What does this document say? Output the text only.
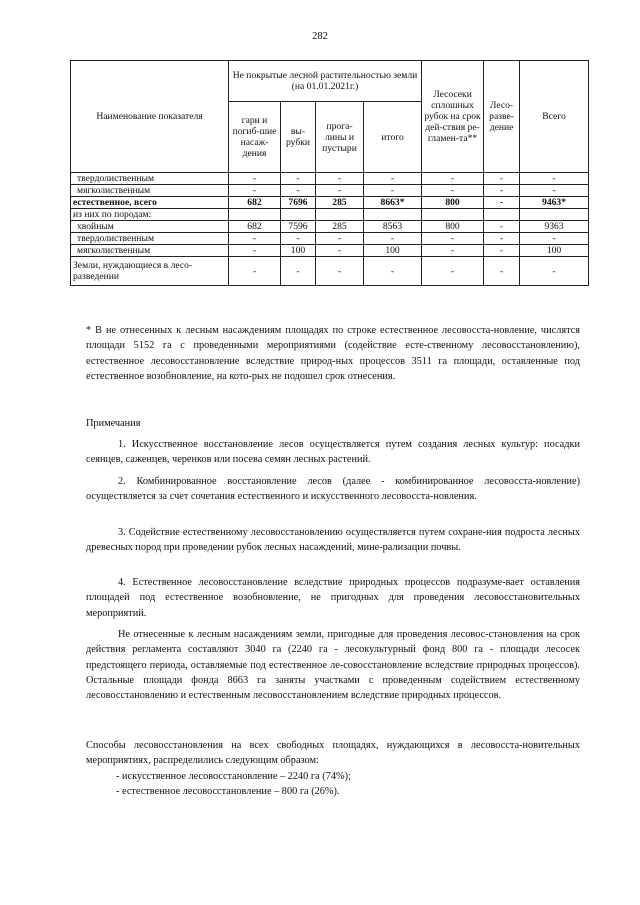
282
Наименование показателя	Не покрытые лесной растительностью земли (на 01.01.2021г.)				Лесосеки сплошных рубок на срок дей-ствия ре-гламен-та**	Лесо-разве-дение	Всего
	гари и погиб-шие насаж-дения	вы-рубки	прога-лины и пустыри	итого			
твердолиственным	-	-	-	-	-	-	-
мягколиственным	-	-	-	-	-	-	-
естественное, всего	682	7696	285	8663*	800	-	9463*
из них по породам:							
хвойным	682	7596	285	8563	800	-	9363
твердолиственным	-	-	-	-	-	-	-
мягколиственным	-	100	-	100	-	-	100
Земли, нуждающиеся в лесо-разведении	-	-	-	-	-	-	-

* В не отнесенных к лесным насаждениям площадях по строке естественное лесовосста-новление, числятся площади 5152 га с проведенными мероприятиями (содействие есте-ственному лесовосстановлению), естественное лесовосстановление вследствие природ-ных процессов 3511 га площади, оставленные под естественное возобновление, на кото-рых не подошел срок отнесения.

Примечания

1. Искусственное восстановление лесов осуществляется путем создания лесных культур: посадки сеянцев, саженцев, черенков или посева семян лесных растений.

2. Комбинированное восстановление лесов (далее - комбинированное лесовосста-новление) осуществляется за счет сочетания естественного и искусственного лесовосста-новления.

3. Содействие естественному лесовосстановлению осуществляется путем сохране-ния подроста лесных древесных пород при проведении рубок лесных насаждений, мине-рализации почвы.

4. Естественное лесовосстановление вследствие природных процессов подразуме-вает оставления площадей под естественное возобновление, не пригодных для проведения лесовосстановительных мероприятий.

Не отнесенные к лесным насаждениям земли, пригодные для проведения лесовос-становления на срок действия регламента составляют 3040 га (2240 га - лесокультурный фонд 800 га - площади лесосек предстоящего периода, оставляемые под естественное ле-совосстановление вследствие природных процессов). Остальные площади фонда 8663 га заняты участками с проведенным содействием естественному лесовосстановлению и естественным лесовосстановлением вследствие природных процессов.

Способы лесовосстановления на всех свободных площадях, нуждающихся в лесовосста-новительных мероприятиях, распределились следующим образом:

- искусственное лесовосстановление – 2240 га (74%);

- естественное лесовосстановление – 800 га (26%).
